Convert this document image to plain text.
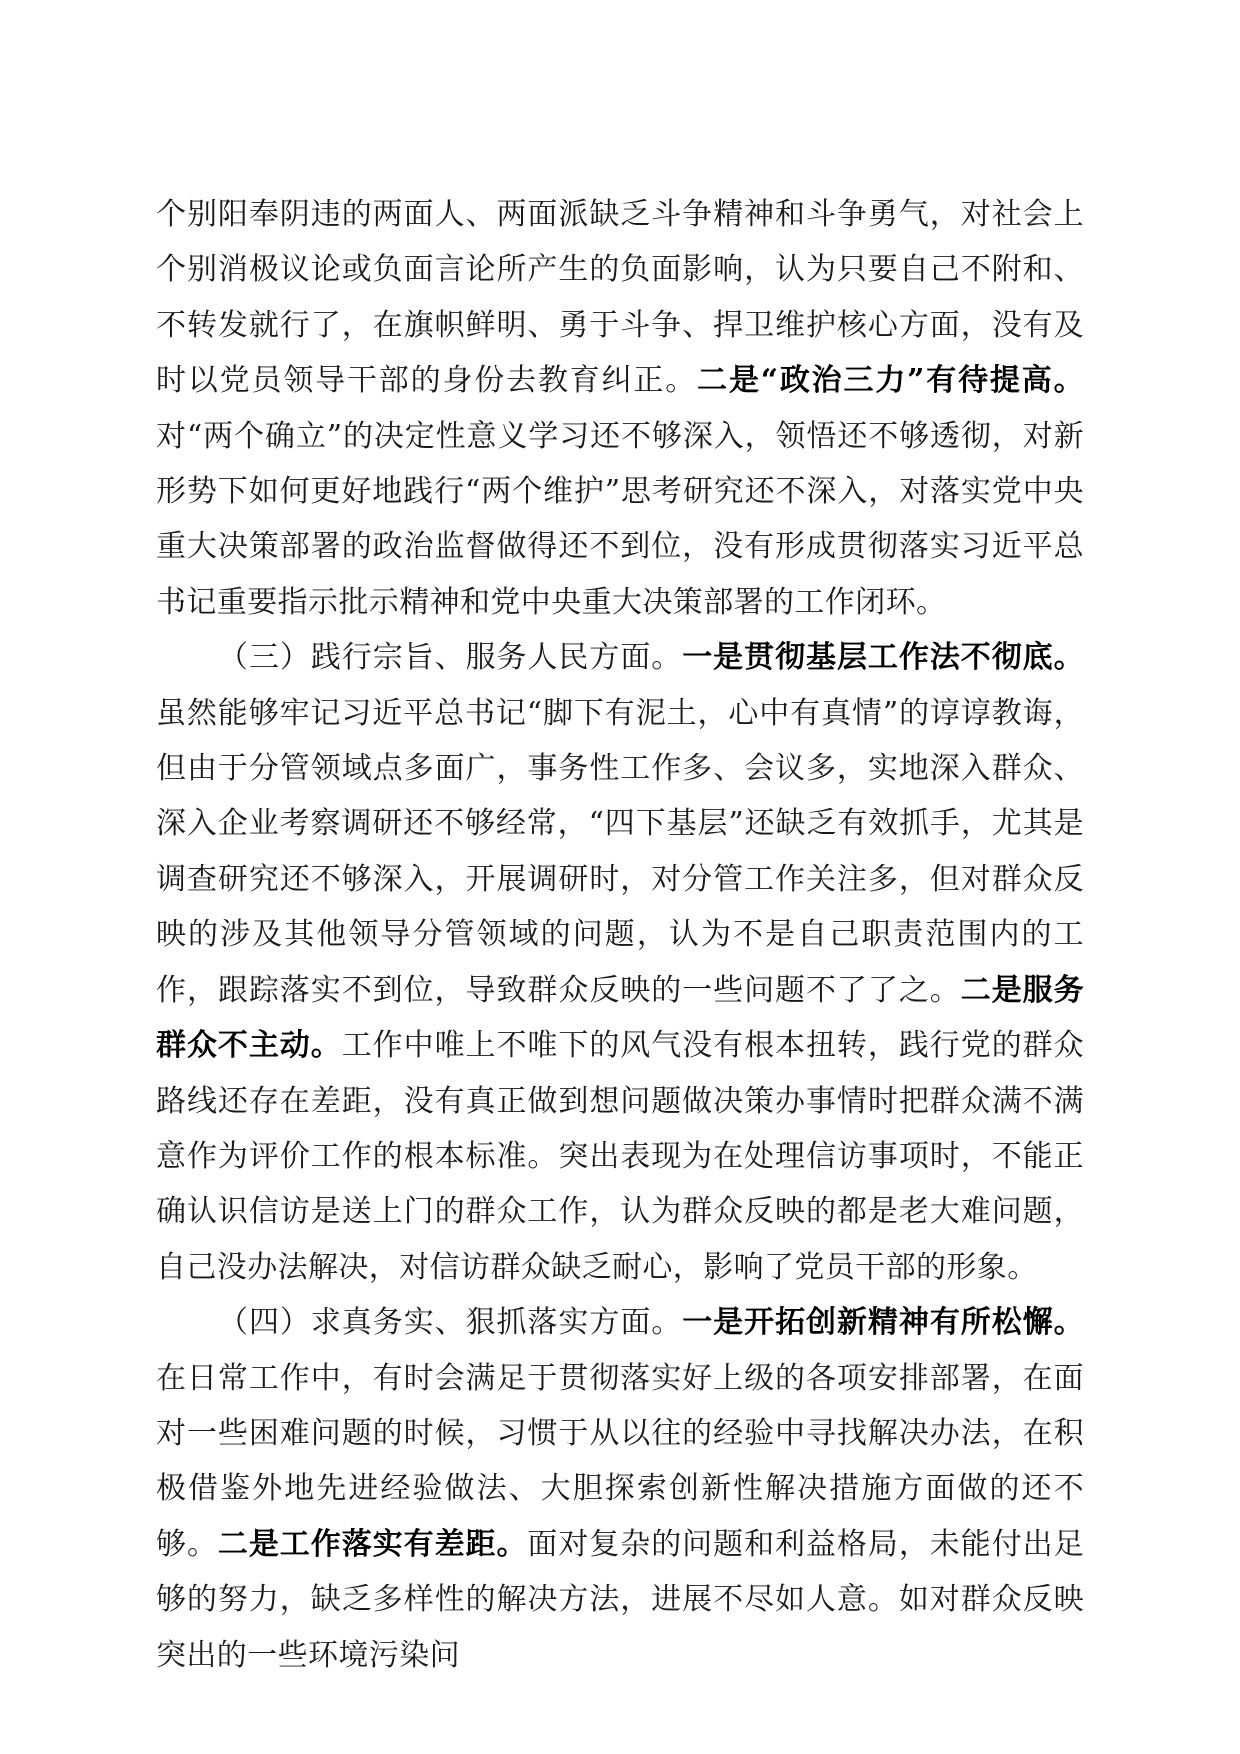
个别阳奉阴违的两面人、两面派缺乏斗争精神和斗争勇气，对社会上个别消极议论或负面言论所产生的负面影响，认为只要自己不附和、不转发就行了，在旗帜鲜明、勇于斗争、捍卫维护核心方面，没有及时以党员领导干部的身份去教育纠正。二是“政治三力”有待提高。对“两个确立”的决定性意义学习还不够深入，领悟还不够透彻，对新形势下如何更好地践行“两个维护”思考研究还不深入，对落实党中央重大决策部署的政治监督做得还不到位，没有形成贯彻落实习近平总书记重要指示批示精神和党中央重大决策部署的工作闭环。

（三）践行宗旨、服务人民方面。一是贯彻基层工作法不彻底。虽然能够牢记习近平总书记“脚下有泥土，心中有真情”的谆谆教诲，但由于分管领域点多面广，事务性工作多、会议多，实地深入群众、深入企业考察调研还不够经常，“四下基层”还缺乏有效抓手，尤其是调查研究还不够深入，开展调研时，对分管工作关注多，但对群众反映的涉及其他领导分管领域的问题，认为不是自己职责范围内的工作，跟踪落实不到位，导致群众反映的一些问题不了了之。二是服务群众不主动。工作中唯上不唯下的风气没有根本扭转，践行党的群众路线还存在差距，没有真正做到想问题做决策办事情时把群众满不满意作为评价工作的根本标准。突出表现为在处理信访事项时，不能正确认识信访是送上门的群众工作，认为群众反映的都是老大难问题，自己没办法解决，对信访群众缺乏耐心，影响了党员干部的形象。

（四）求真务实、狠抓落实方面。一是开拓创新精神有所松懈。在日常工作中，有时会满足于贯彻落实好上级的各项安排部署，在面对一些困难问题的时候，习惯于从以往的经验中寻找解决办法，在积极借鉴外地先进经验做法、大胆探索创新性解决措施方面做的还不够。二是工作落实有差距。面对复杂的问题和利益格局，未能付出足够的努力，缺乏多样性的解决方法，进展不尽如人意。如对群众反映突出的一些环境污染问
